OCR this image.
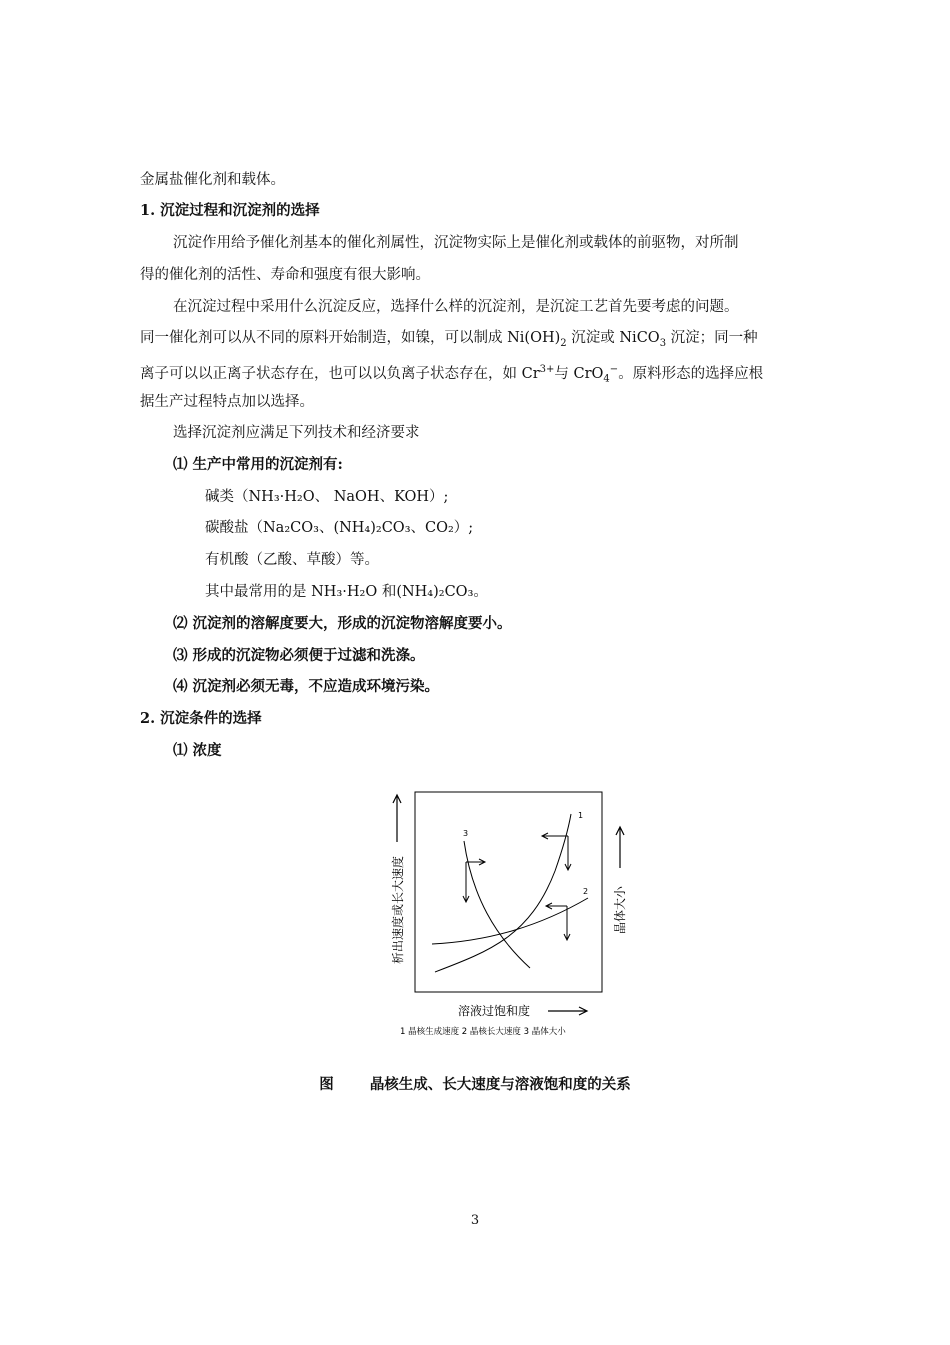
金属盐催化剂和载体。
1. 沉淀过程和沉淀剂的选择
沉淀作用给予催化剂基本的催化剂属性，沉淀物实际上是催化剂或载体的前驱物，对所制
得的催化剂的活性、寿命和强度有很大影响。
在沉淀过程中采用什么沉淀反应，选择什么样的沉淀剂，是沉淀工艺首先要考虑的问题。
同一催化剂可以从不同的原料开始制造，如镍，可以制成 $Ni(OH)_2$ 沉淀或 NiCO$_3$ 沉淀；同一种
离子可以以正离子状态存在，也可以以负离子状态存在，如 $Cr^{3+}$与 CrO$_4$−。原料形态的选择应根
据生产过程特点加以选择。
选择沉淀剂应满足下列技术和经济要求
⑴ 生产中常用的沉淀剂有:
碱类（NH₃·H₂O、 NaOH、KOH）;
碳酸盐（Na₂CO₃、(NH₄)₂CO₃、CO₂）;
有机酸（乙酸、草酸）等。
其中最常用的是 NH₃·H₂O 和(NH₄)₂CO₃。
⑵ 沉淀剂的溶解度要大，形成的沉淀物溶解度要小。
⑶ 形成的沉淀物必须便于过滤和洗涤。
⑷ 沉淀剂必须无毒，不应造成环境污染。
2. 沉淀条件的选择
⑴ 浓度
1
2
3
析出速度或长大速度	晶体大小
溶液过饱和度
1 晶核生成速度 2 晶核长大速度 3 晶体大小
图 晶核生成、长大速度与溶液饱和度的关系
3
